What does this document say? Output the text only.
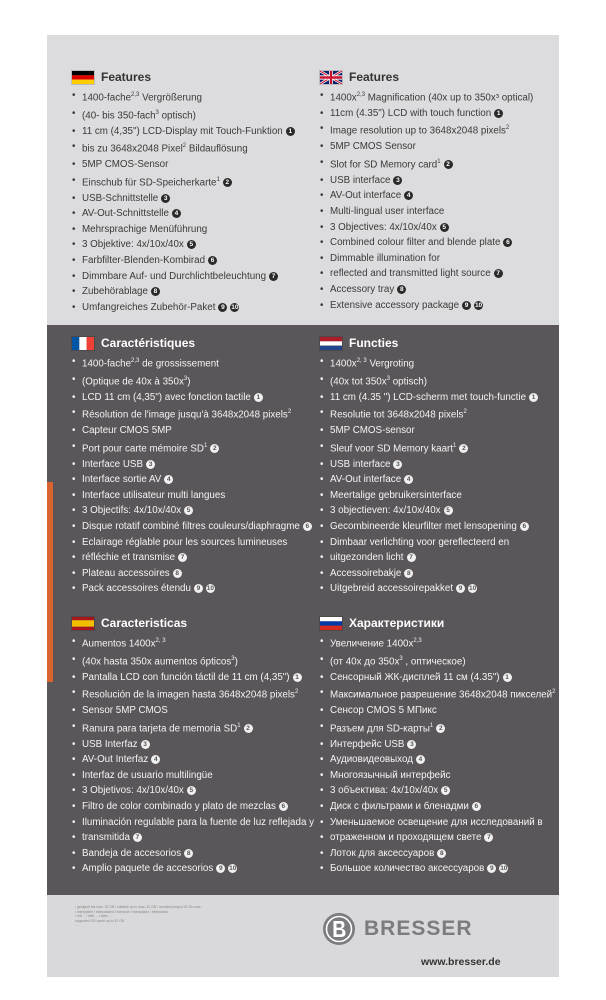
Features
• 1400-fache$^{2,3}$ Vergrößerung
• (40- bis 350-fach$^3$ optisch)
• 11 cm (4,35") LCD-Display mit Touch-Funktion 1
• bis zu 3648x2048 Pixel$^2$ Bildauflösung
• 5MP CMOS-Sensor
• Einschub für SD-Speicherkarte$^1$ 2
• USB-Schnittstelle 3
• AV-Out-Schnittstelle 4
• Mehrsprachige Menüführung
• 3 Objektive: 4x/10x/40x 5
• Farbfilter-Blenden-Kombirad 6
• Dimmbare Auf- und Durchlichtbeleuchtung 7
• Zubehörablage 8
• Umfangreiches Zubehör-Paket 9 10
Features
• $1400x^{2,3}$ Magnification (40x up to 350x³ optical)
• 11cm (4.35") LCD with touch function 1
• Image resolution up to 3648x2048 pixels$^2$
• 5MP CMOS Sensor
• Slot for SD Memory card$^1$ 2
• USB interface 3
• AV-Out interface 4
• Multi-lingual user interface
• 3 Objectives: 4x/10x/40x 5
• Combined colour filter and blende plate 6
• Dimmable illumination for
• reflected and transmitted light source 7
• Accessory tray 8
• Extensive accessory package 9 10
Caractéristiques
• 1400-fache$^{2,3}$ de grossissement
• (Optique de 40x à $350x^3$)
• LCD 11 cm (4,35") avec fonction tactile 1
• Résolution de l'image jusqu'à 3648x2048 pixels$^2$
• Capteur CMOS 5MP
• Port pour carte mémoire $SD^1$ 2
• Interface USB 3
• Interface sortie AV 4
• Interface utilisateur multi langues
• 3 Objectifs: 4x/10x/40x 5
• Disque rotatif combiné filtres couleurs/diaphragme 6
• Eclairage réglable pour les sources lumineuses
• réfléchie et transmise 7
• Plateau accessoires 8
• Pack accessoires étendu 9 10
Functies
• $1400x^{2, 3}$ Vergroting
• (40x tot $350x^3$ optisch)
• 11 cm (4.35 ") LCD-scherm met touch-functie 1
• Resolutie tot 3648x2048 pixels$^2$
• 5MP CMOS-sensor
• Sleuf voor SD Memory kaart$^1$ 2
• USB interface 3
• AV-Out interface 4
• Meertalige gebruikersinterface
• 3 objectieven: 4x/10x/40x 5
• Gecombineerde kleurfilter met lensopening 6
• Dimbaar verlichting voor gereflecteerd en
• uitgezonden licht 7
• Accessoirebakje 8
• Uitgebreid accessoirepakket 9 10
Caracteristicas
• Aumentos $1400x^{2, 3}$
• (40x hasta 350x aumentos ópticos$^3$)
• Pantalla LCD con función táctil de 11 cm (4,35") 1
• Resolución de la imagen hasta 3648x2048 pixels$^2$
• Sensor 5MP CMOS
• Ranura para tarjeta de memoria $SD^1$ 2
• USB Interfaz 3
• AV-Out Interfaz 4
• Interfaz de usuario multilingüe
• 3 Objetivos: 4x/10x/40x 5
• Filtro de color combinado y plato de mezclas 6
• Iluminación regulable para la fuente de luz reflejada y
• transmitida 7
• Bandeja de accesorios 8
• Amplio paquete de accesorios 9 10
Характеристики
• Увеличение $1400x^{2,3}$
• (от 40x до $350x^3$ , оптическое)
• Сенсорный ЖК-дисплей 11 см (4.35") 1
• Максимальное разрешение 3648x2048 пикселей$^2$
• Сенсор CMOS 5 МПикс
• Разъем для SD-карты$^1$ 2
• Интерфейс USB 3
• Аудиовидеовыход 4
• Многоязычный интерфейс
• 3 объектива: 4x/10x/40x 5
• Диск с фильтрами и бленадми 6
• Уменьшаемое освещение для исследований в
• отраженном и проходящем свете 7
• Лоток для аксессуаров 8
• Большое количество аксессуаров 9 10
¹ geeignet bis max. 32 GB / suitable up to max. 32 GB / convient jusqu'à 32 Go max.
² Interpoliert / interpolated / interpolé / interpolado / interpolato
³ mit ... / with ... / avec ...
supported SD cards up to 32 GB
...	BRESSER
www.bresser.de
